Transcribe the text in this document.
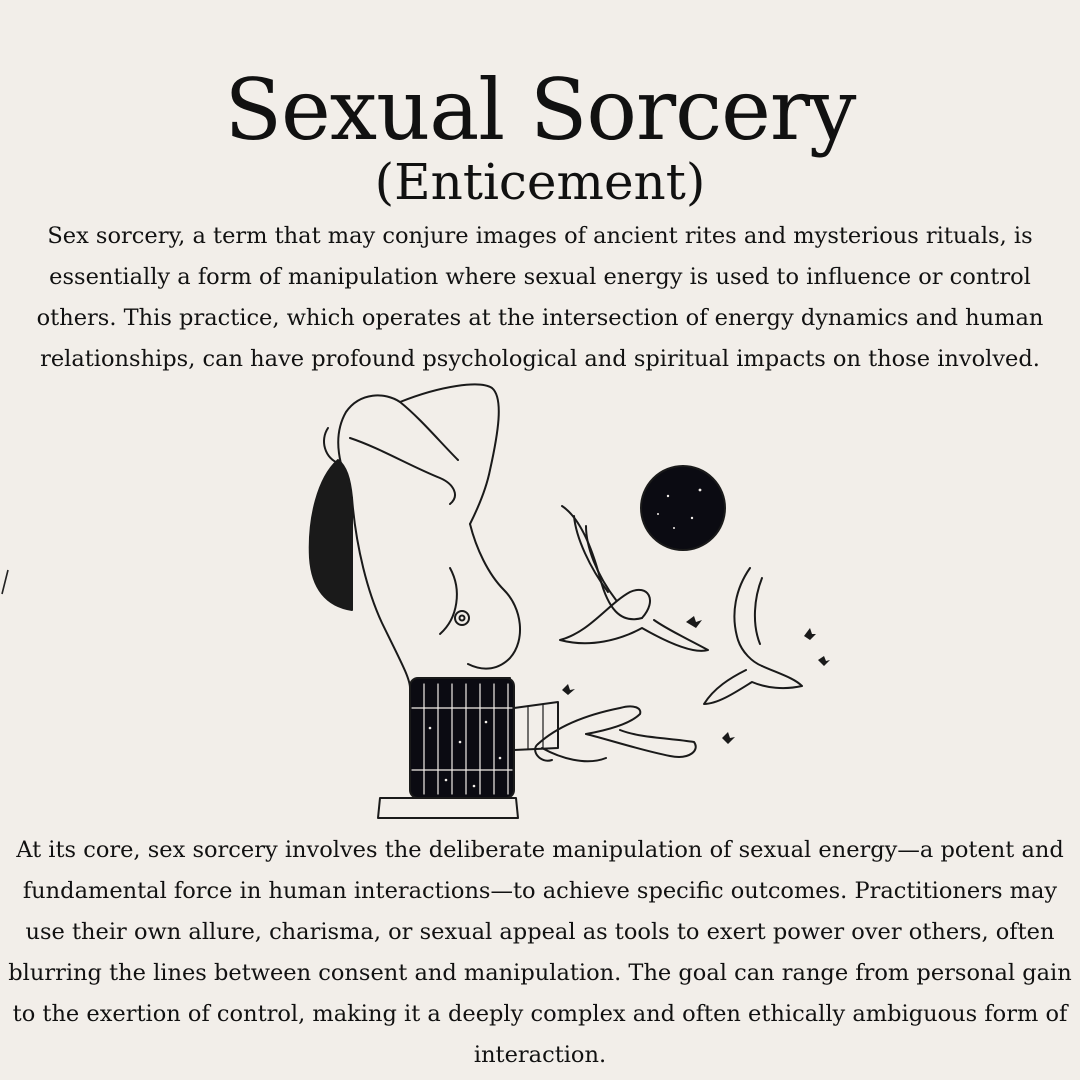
Sexual Sorcery
(Enticement)

Sex sorcery, a term that may conjure images of ancient rites and mysterious rituals, is essentially a form of manipulation where sexual energy is used to influence or control others. This practice, which operates at the intersection of energy dynamics and human relationships, can have profound psychological and spiritual impacts on those involved.

At its core, sex sorcery involves the deliberate manipulation of sexual energy—a potent and fundamental force in human interactions—to achieve specific outcomes. Practitioners may use their own allure, charisma, or sexual appeal as tools to exert power over others, often blurring the lines between consent and manipulation. The goal can range from personal gain to the exertion of control, making it a deeply complex and often ethically ambiguous form of interaction.
